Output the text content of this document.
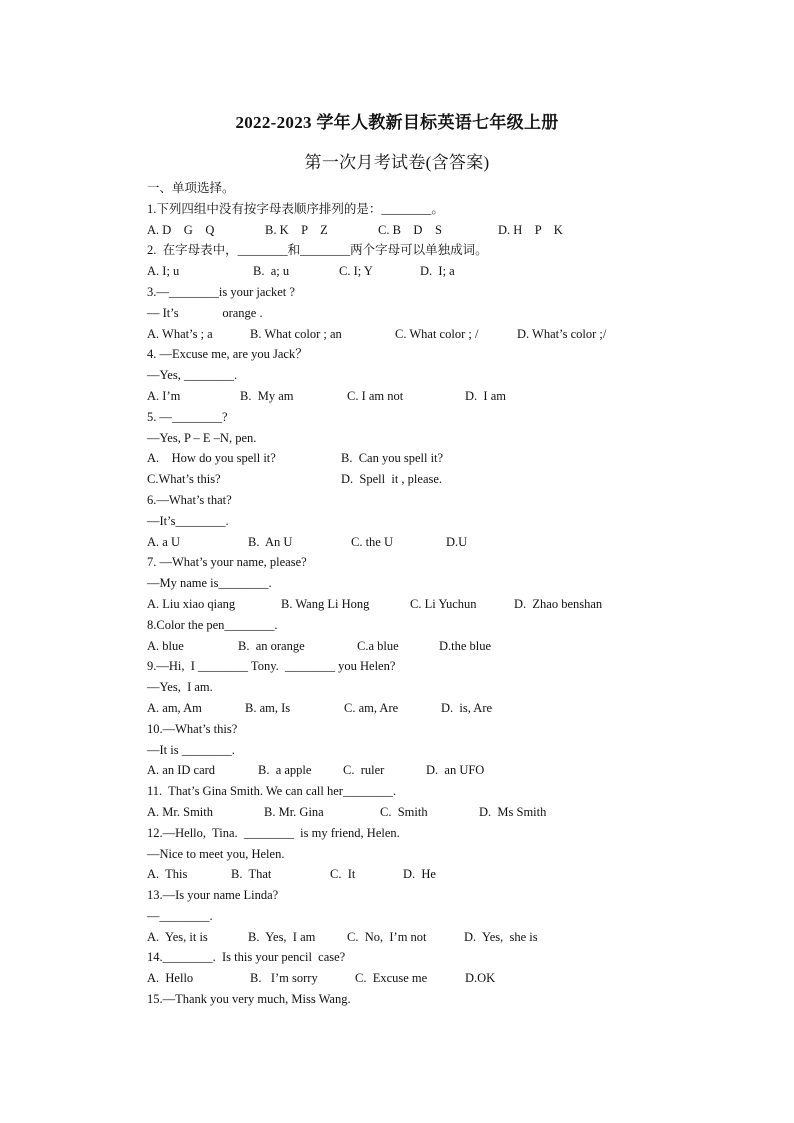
2022-2023 学年人教新目标英语七年级上册
第一次月考试卷(含答案)
一、单项选择。
1.下列四组中没有按字母表顺序排列的是：________。
A. D    G    Q	B. K    P    Z	C. B    D    S	D. H    P    K
2.  在字母表中，________和________两个字母可以单独成词。
A. I; u	B.  a; u	C. I; Y	D.  I; a
3.—________is your jacket ?
— It’s              orange .
A. What’s ; a	B. What color ; an	C. What color ; /	D. What’s color ;/
4. —Excuse me, are you Jack？
—Yes, ________.
A. I’m	B.  My am	C. I am not	D.  I am
5. —________?
—Yes, P – E –N, pen.
A.    How do you spell it?	B.  Can you spell it?
C.What’s this?	D.  Spell  it , please.
6.—What’s that?
—It’s________.
A. a U	B.  An U	C. the U	D.U
7. —What’s your name, please?
—My name is________.
A. Liu xiao qiang	B. Wang Li Hong	C. Li Yuchun	D.  Zhao benshan
8.Color the pen________.
A. blue	B.  an orange	C.a blue	D.the blue
9.—Hi,  I ________ Tony.  ________ you Helen?
—Yes,  I am.
A. am, Am	B. am, Is	C. am, Are	D.  is, Are
10.—What’s this?
—It is ________.
A. an ID card	B.  a apple	C.  ruler	D.  an UFO
11.  That’s Gina Smith. We can call her________.
A. Mr. Smith	B. Mr. Gina	C.  Smith	D.  Ms Smith
12.—Hello,  Tina.  ________  is my friend, Helen.
—Nice to meet you, Helen.
A.  This	B.  That	C.  It	D.  He
13.—Is your name Linda?
—________.
A.  Yes, it is	B.  Yes,  I am	C.  No,  I’m not	D.  Yes,  she is
14.________.  Is this your pencil  case?
A.  Hello	B.   I’m sorry	C.  Excuse me	D.OK
15.—Thank you very much, Miss Wang.
